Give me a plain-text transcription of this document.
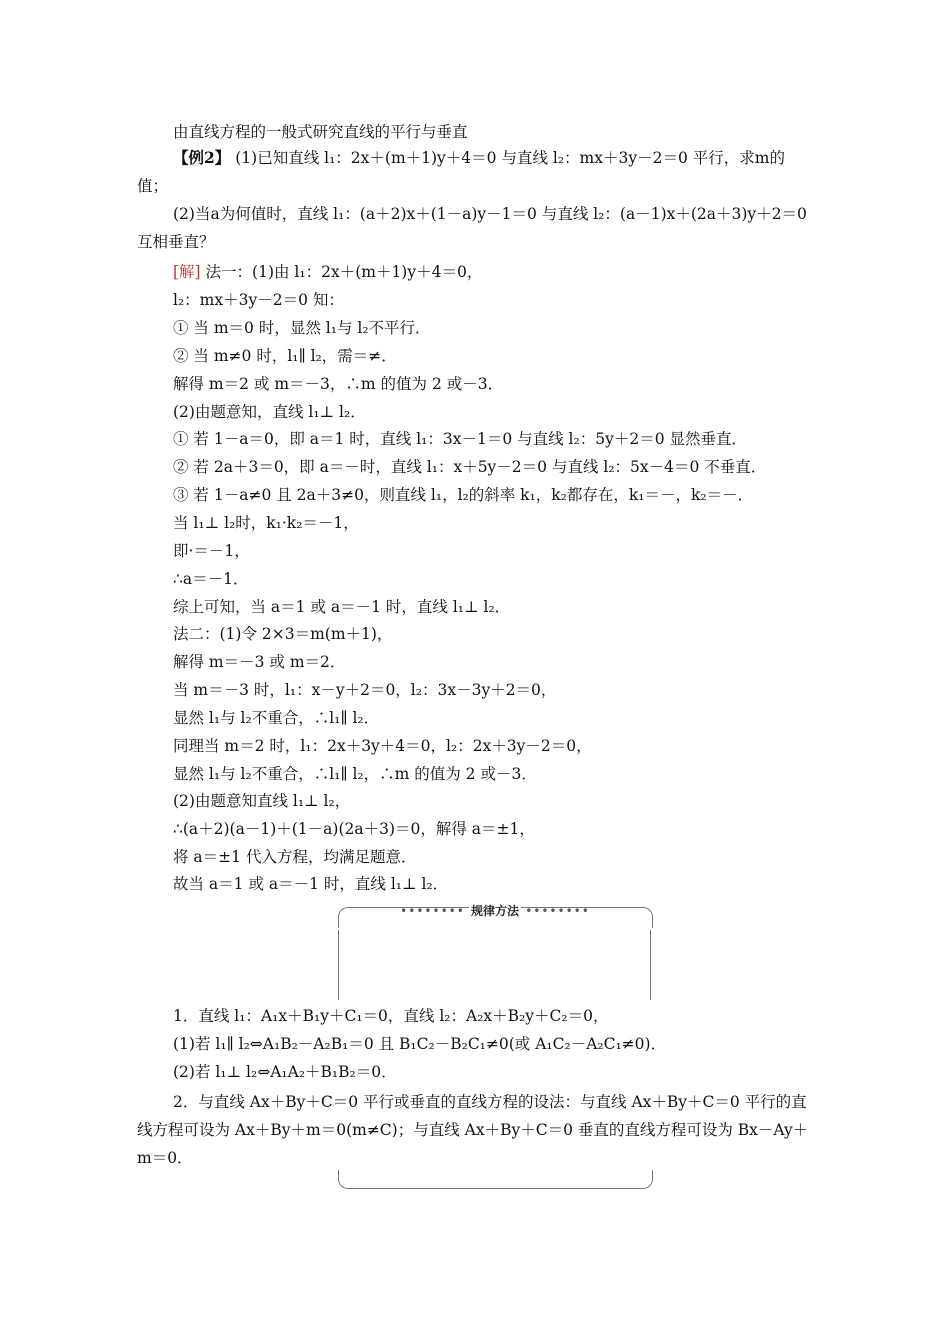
由直线方程的一般式研究直线的平行与垂直
【例2】 (1)已知直线 l₁：2x＋(m＋1)y＋4＝0 与直线 l₂：mx＋3y－2＝0 平行，求m的值；
(2)当a为何值时，直线 l₁：(a＋2)x＋(1－a)y－1＝0 与直线 l₂：(a－1)x＋(2a＋3)y＋2＝0 互相垂直？
[解] 法一：(1)由 l₁：2x＋(m＋1)y＋4＝0，
l₂：mx＋3y－2＝0 知：
① 当 m＝0 时，显然 l₁与 l₂不平行．
② 当 m≠0 时，l₁∥ l₂，需＝≠．
解得 m＝2 或 m＝－3，∴m 的值为 2 或－3．
(2)由题意知，直线 l₁⊥ l₂．
① 若 1－a＝0，即 a＝1 时，直线 l₁：3x－1＝0 与直线 l₂：5y＋2＝0 显然垂直．
② 若 2a＋3＝0，即 a＝－时，直线 l₁：x＋5y－2＝0 与直线 l₂：5x－4＝0 不垂直．
③ 若 1－a≠0 且 2a＋3≠0，则直线 l₁，l₂的斜率 k₁，k₂都存在，k₁＝－，k₂＝－．
当 l₁⊥ l₂时，k₁·k₂＝－1，
即·＝－1，
∴a＝－1．
综上可知，当 a＝1 或 a＝－1 时，直线 l₁⊥ l₂．
法二：(1)令 2×3＝m(m＋1)，
解得 m＝－3 或 m＝2．
当 m＝－3 时，l₁：x－y＋2＝0，l₂：3x－3y＋2＝0，
显然 l₁与 l₂不重合，∴l₁∥ l₂．
同理当 m＝2 时，l₁：2x＋3y＋4＝0，l₂：2x＋3y－2＝0，
显然 l₁与 l₂不重合，∴l₁∥ l₂，∴m 的值为 2 或－3．
(2)由题意知直线 l₁⊥ l₂，
∴(a＋2)(a－1)＋(1－a)(2a＋3)＝0，解得 a＝±1，
将 a＝±1 代入方程，均满足题意．
故当 a＝1 或 a＝－1 时，直线 l₁⊥ l₂．
•••••••• 规律方法 ••••••••
1．直线 l₁：A₁x＋B₁y＋C₁＝0，直线 l₂：A₂x＋B₂y＋C₂＝0，
(1)若 l₁∥ l₂⇔A₁B₂－A₂B₁＝0 且 B₁C₂－B₂C₁≠0(或 A₁C₂－A₂C₁≠0)．
(2)若 l₁⊥ l₂⇔A₁A₂＋B₁B₂＝0．
2．与直线 Ax＋By＋C＝0 平行或垂直的直线方程的设法：与直线 Ax＋By＋C＝0 平行的直线方程可设为 Ax＋By＋m＝0(m≠C)；与直线 Ax＋By＋C＝0 垂直的直线方程可设为 Bx－Ay＋m＝0．
